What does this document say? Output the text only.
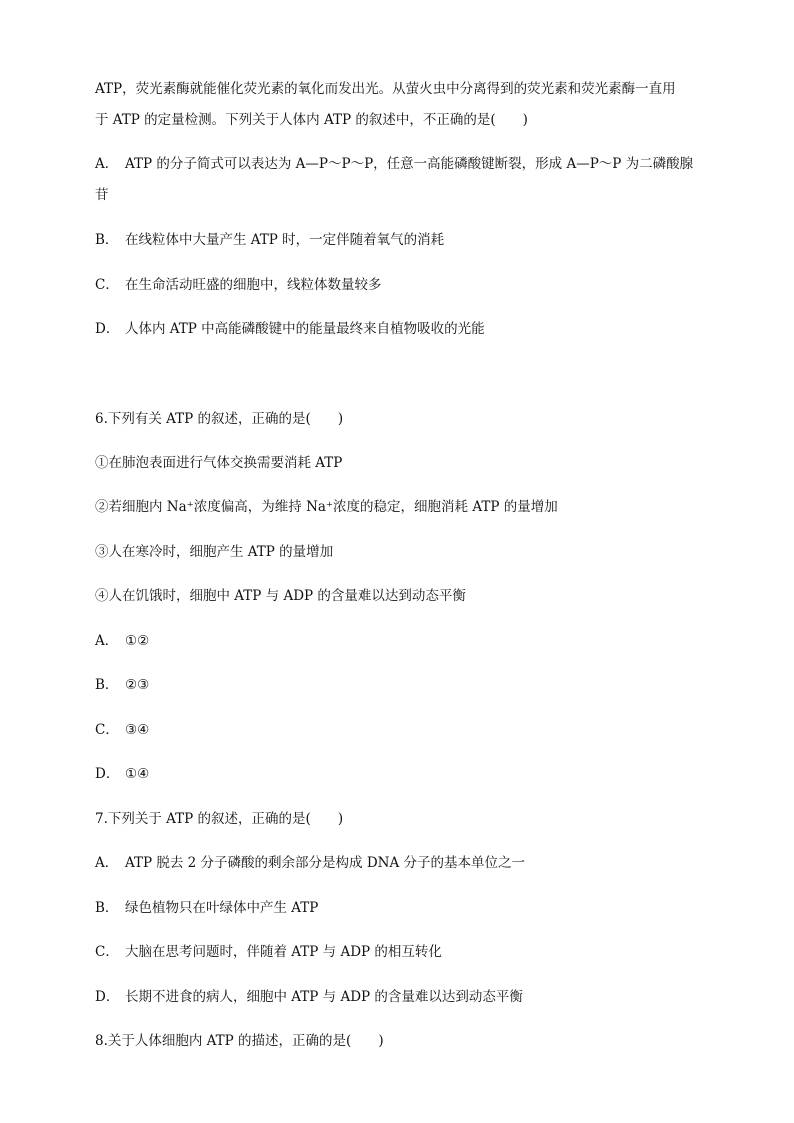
ATP，荧光素酶就能催化荧光素的氧化而发出光。从萤火虫中分离得到的荧光素和荧光素酶一直用
于 ATP 的定量检测。下列关于人体内 ATP 的叙述中，不正确的是(　　)
A． ATP 的分子简式可以表达为 A—P～P～P，任意一高能磷酸键断裂，形成 A—P～P 为二磷酸腺
苷
B． 在线粒体中大量产生 ATP 时，一定伴随着氧气的消耗
C． 在生命活动旺盛的细胞中，线粒体数量较多
D． 人体内 ATP 中高能磷酸键中的能量最终来自植物吸收的光能
6.下列有关 ATP 的叙述，正确的是(　　)
①在肺泡表面进行气体交换需要消耗 ATP
②若细胞内 Na⁺浓度偏高，为维持 Na⁺浓度的稳定，细胞消耗 ATP 的量增加
③人在寒冷时，细胞产生 ATP 的量增加
④人在饥饿时，细胞中 ATP 与 ADP 的含量难以达到动态平衡
A． ①②
B． ②③
C． ③④
D． ①④
7.下列关于 ATP 的叙述，正确的是(　　)
A． ATP 脱去 2 分子磷酸的剩余部分是构成 DNA 分子的基本单位之一
B． 绿色植物只在叶绿体中产生 ATP
C． 大脑在思考问题时，伴随着 ATP 与 ADP 的相互转化
D． 长期不进食的病人，细胞中 ATP 与 ADP 的含量难以达到动态平衡
8.关于人体细胞内 ATP 的描述，正确的是(　　)
